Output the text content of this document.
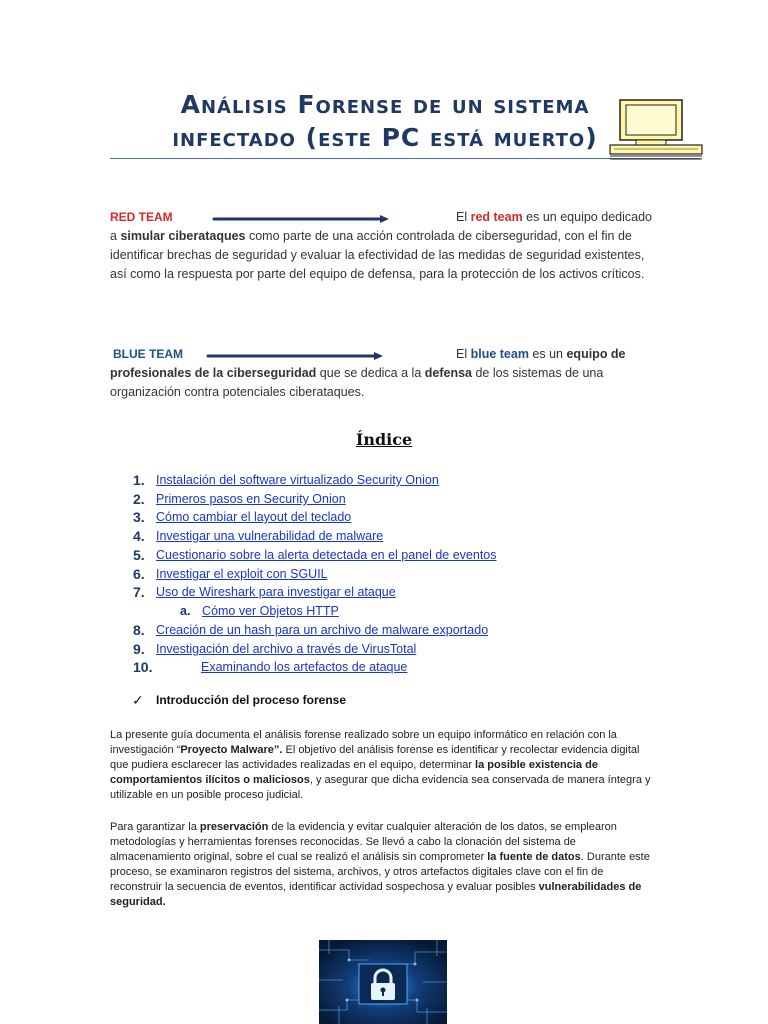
Análisis Forense de un sistema
infectado (este PC está muerto)
RED TEAM	El red team es un equipo dedicado
a simular ciberataques como parte de una acción controlada de ciberseguridad, con el fin de identificar brechas de seguridad y evaluar la efectividad de las medidas de seguridad existentes, así como la respuesta por parte del equipo de defensa, para la protección de los activos críticos.
BLUE TEAM	El blue team es un equipo de
profesionales de la ciberseguridad que se dedica a la defensa de los sistemas de una organización contra potenciales ciberataques.
Índice
1. Instalación del software virtualizado Security Onion
2. Primeros pasos en Security Onion
3. Cómo cambiar el layout del teclado
4. Investigar una vulnerabilidad de malware
5. Cuestionario sobre la alerta detectada en el panel de eventos
6. Investigar el exploit con SGUIL
7. Uso de Wireshark para investigar el ataque
a. Cómo ver Objetos HTTP
8. Creación de un hash para un archivo de malware exportado
9. Investigación del archivo a través de VirusTotal
10.	Examinando los artefactos de ataque
✓ Introducción del proceso forense
La presente guía documenta el análisis forense realizado sobre un equipo informático en relación con la investigación “Proyecto Malware”. El objetivo del análisis forense es identificar y recolectar evidencia digital que pudiera esclarecer las actividades realizadas en el equipo, determinar la posible existencia de comportamientos ilícitos o maliciosos, y asegurar que dicha evidencia sea conservada de manera íntegra y utilizable en un posible proceso judicial.
Para garantizar la preservación de la evidencia y evitar cualquier alteración de los datos, se emplearon metodologías y herramientas forenses reconocidas. Se llevó a cabo la clonación del sistema de almacenamiento original, sobre el cual se realizó el análisis sin comprometer la fuente de datos. Durante este proceso, se examinaron registros del sistema, archivos, y otros artefactos digitales clave con el fin de reconstruir la secuencia de eventos, identificar actividad sospechosa y evaluar posibles vulnerabilidades de seguridad.
